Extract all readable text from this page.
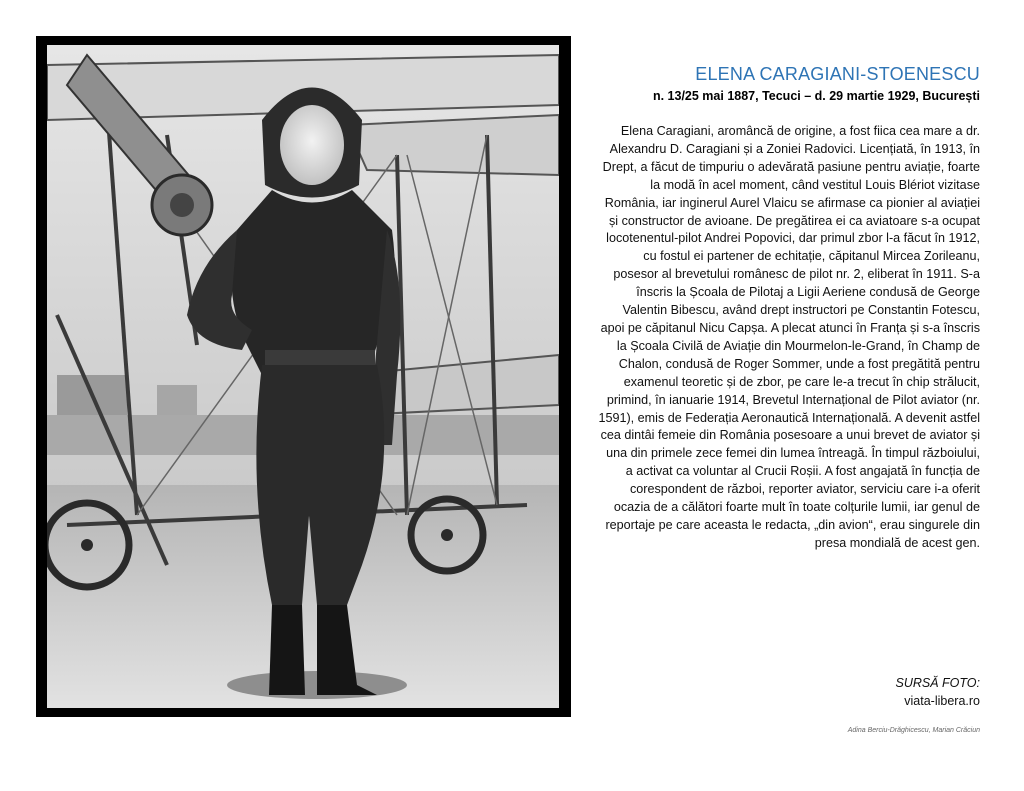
ELENA CARAGIANI-STOENESCU
n. 13/25 mai 1887, Tecuci – d. 29 martie 1929, București

Elena Caragiani, aromâncă de origine, a fost fiica cea mare a dr. Alexandru D. Caragiani și a Zoniei Radovici. Licențiată, în 1913, în Drept, a făcut de timpuriu o adevărată pasiune pentru aviație, foarte la modă în acel moment, când vestitul Louis Blériot vizitase România, iar inginerul Aurel Vlaicu se afirmase ca pionier al aviației și constructor de avioane. De pregătirea ei ca aviatoare s-a ocupat locotenentul-pilot Andrei Popovici, dar primul zbor l-a făcut în 1912, cu fostul ei partener de echitație, căpitanul Mircea Zorileanu, posesor al brevetului românesc de pilot nr. 2, eliberat în 1911. S-a înscris la Școala de Pilotaj a Ligii Aeriene condusă de George Valentin Bibescu, având drept instructori pe Constantin Fotescu, apoi pe căpitanul Nicu Capșa. A plecat atunci în Franța și s-a înscris la Școala Civilă de Aviație din Mourmelon-le-Grand, în Champ de Chalon, condusă de Roger Sommer, unde a fost pregătită pentru examenul teoretic și de zbor, pe care le-a trecut în chip strălucit, primind, în ianuarie 1914, Brevetul Internațional de Pilot aviator (nr. 1591), emis de Federația Aeronautică Internațională. A devenit astfel cea dintâi femeie din România posesoare a unui brevet de aviator și una din primele zece femei din lumea întreagă. În timpul războiului, a activat ca voluntar al Crucii Roșii. A fost angajată în funcția de corespondent de război, reporter aviator, serviciu care i-a oferit ocazia de a călători foarte mult în toate colțurile lumii, iar genul de reportaje pe care aceasta le redacta, „din avion“, erau singurele din presa mondială de acest gen.

SURSĂ FOTO:
viata-libera.ro
Adina Berciu-Drăghicescu, Marian Crăciun
